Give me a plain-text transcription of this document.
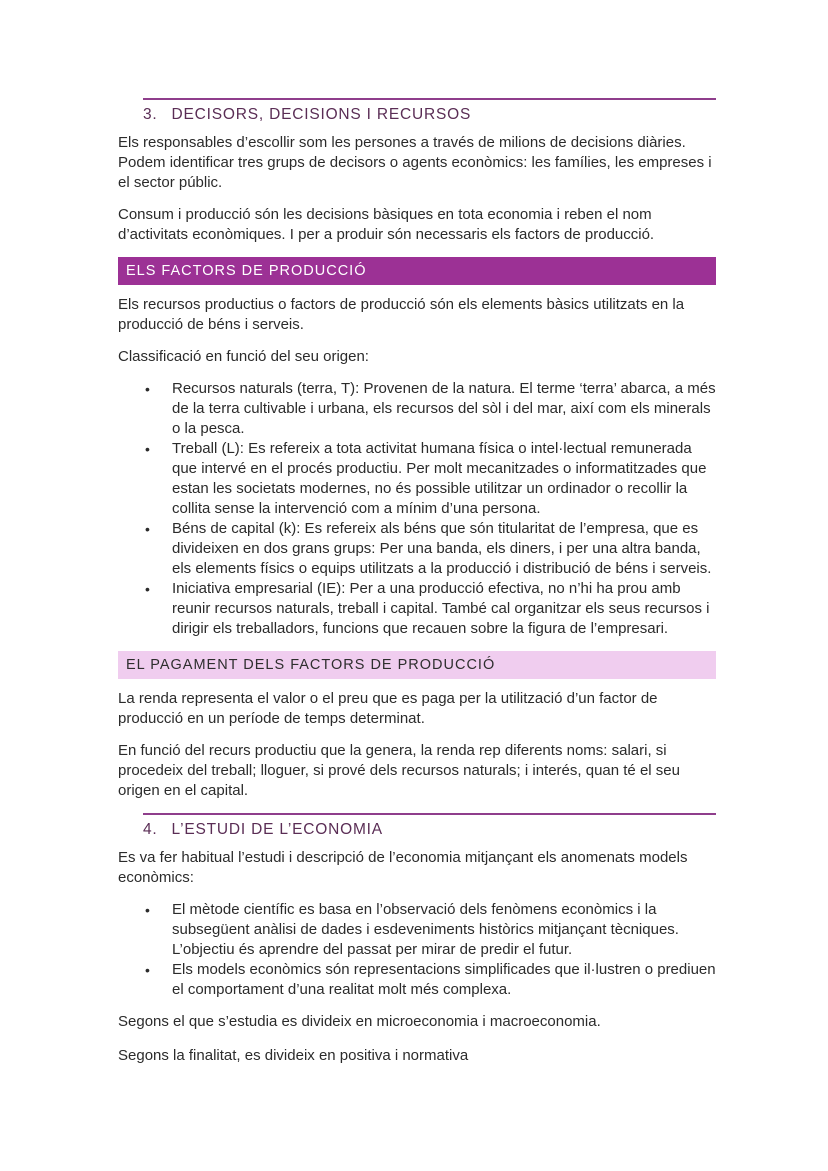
3. DECISORS, DECISIONS I RECURSOS

Els responsables d’escollir som les persones a través de milions de decisions diàries. Podem identificar tres grups de decisors o agents econòmics: les famílies, les empreses i el sector públic.

Consum i producció són les decisions bàsiques en tota economia i reben el nom d’activitats econòmiques. I per a produir són necessaris els factors de producció.

ELS FACTORS DE PRODUCCIÓ

Els recursos productius o factors de producció són els elements bàsics utilitzats en la producció de béns i serveis.

Classificació en funció del seu origen:

• Recursos naturals (terra, T): Provenen de la natura. El terme ‘terra’ abarca, a més de la terra cultivable i urbana, els recursos del sòl i del mar, així com els minerals o la pesca.
• Treball (L): Es refereix a tota activitat humana física o intel·lectual remunerada que intervé en el procés productiu. Per molt mecanitzades o informatitzades que estan les societats modernes, no és possible utilitzar un ordinador o recollir la collita sense la intervenció com a mínim d’una persona.
• Béns de capital (k): Es refereix als béns que són titularitat de l’empresa, que es divideixen en dos grans grups: Per una banda, els diners, i per una altra banda, els elements físics o equips utilitzats a la producció i distribució de béns i serveis.
• Iniciativa empresarial (IE): Per a una producció efectiva, no n’hi ha prou amb reunir recursos naturals, treball i capital. També cal organitzar els seus recursos i dirigir els treballadors, funcions que recauen sobre la figura de l’empresari.
EL PAGAMENT DELS FACTORS DE PRODUCCIÓ

La renda representa el valor o el preu que es paga per la utilització d’un factor de producció en un període de temps determinat.

En funció del recurs productiu que la genera, la renda rep diferents noms: salari, si procedeix del treball; lloguer, si prové dels recursos naturals; i interés, quan té el seu origen en el capital.

4. L’ESTUDI DE L’ECONOMIA

Es va fer habitual l’estudi i descripció de l’economia mitjançant els anomenats models econòmics:

• El mètode científic es basa en l’observació dels fenòmens econòmics i la subsegüent anàlisi de dades i esdeveniments històrics mitjançant tècniques. L’objectiu és aprendre del passat per mirar de predir el futur.
• Els models econòmics són representacions simplificades que il·lustren o prediuen el comportament d’una realitat molt més complexa.

Segons el que s’estudia es divideix en microeconomia i macroeconomia.

Segons la finalitat, es divideix en positiva i normativa
